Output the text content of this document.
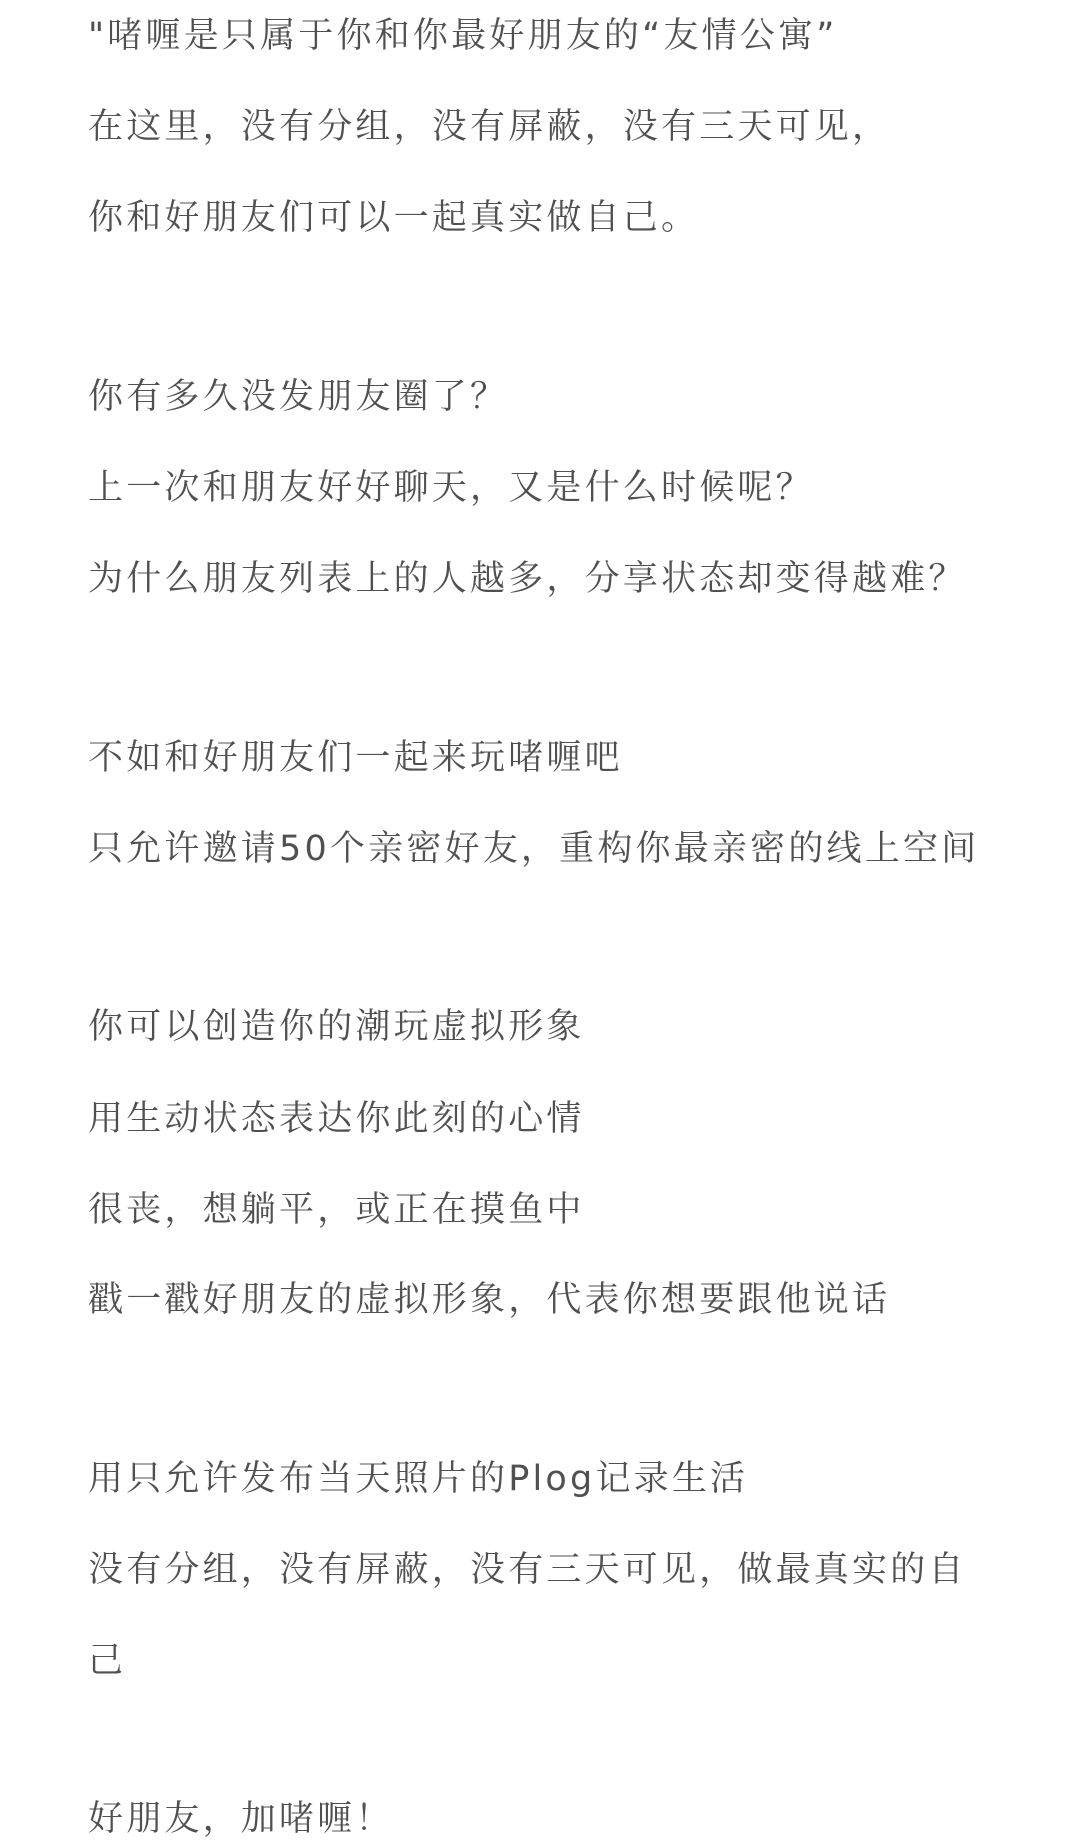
"啫喱是只属于你和你最好朋友的“友情公寓”
在这里，没有分组，没有屏蔽，没有三天可见，
你和好朋友们可以一起真实做自己。
你有多久没发朋友圈了？
上一次和朋友好好聊天，又是什么时候呢？
为什么朋友列表上的人越多，分享状态却变得越难？
不如和好朋友们一起来玩啫喱吧
只允许邀请50个亲密好友，重构你最亲密的线上空间
你可以创造你的潮玩虚拟形象
用生动状态表达你此刻的心情
很丧，想躺平，或正在摸鱼中
戳一戳好朋友的虚拟形象，代表你想要跟他说话
用只允许发布当天照片的Plog记录生活
没有分组，没有屏蔽，没有三天可见，做最真实的自
己
好朋友，加啫喱！
